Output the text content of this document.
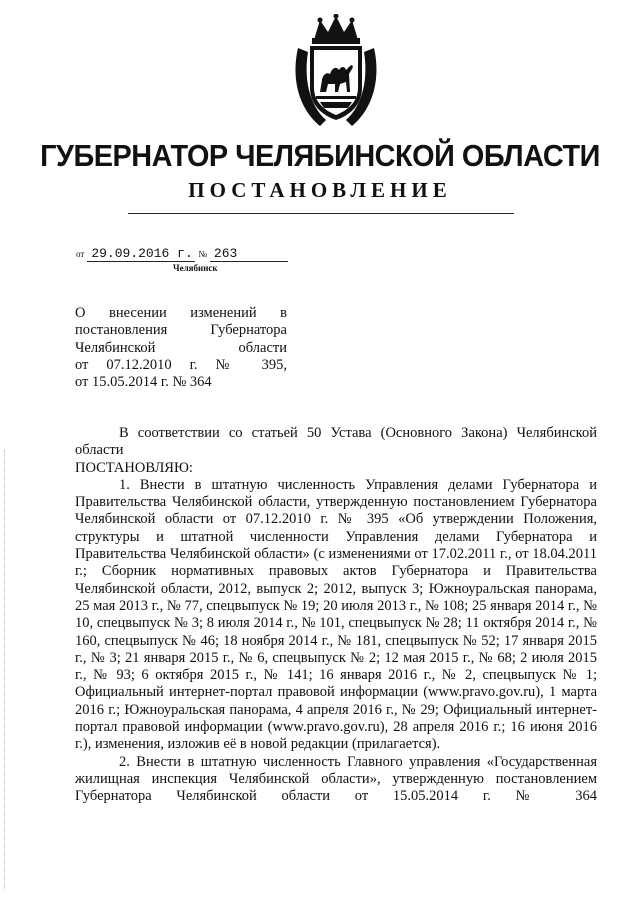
ГУБЕРНАТОР ЧЕЛЯБИНСКОЙ ОБЛАСТИ
ПОСТАНОВЛЕНИЕ
от 29.09.2016 г. № 263
Челябинск
О внесении изменений в
постановления Губернатора
Челябинской области
от 07.12.2010 г. № 395,
от 15.05.2014 г. № 364

В соответствии со статьей 50 Устава (Основного Закона) Челябинской

области

ПОСТАНОВЛЯЮ:

1. Внести в штатную численность Управления делами Губернатора и Правительства Челябинской области, утвержденную постановлением Губернатора Челябинской области от 07.12.2010 г. № 395 «Об утверждении Положения, структуры и штатной численности Управления делами Губернатора и Правительства Челябинской области» (с изменениями от 17.02.2011 г., от 18.04.2011 г.; Сборник нормативных правовых актов Губернатора и Правительства Челябинской области, 2012, выпуск 2; 2012, выпуск 3; Южноуральская панорама, 25 мая 2013 г., № 77, спецвыпуск № 19; 20 июля 2013 г., № 108; 25 января 2014 г., № 10, спецвыпуск № 3; 8 июля 2014 г., № 101, спецвыпуск № 28; 11 октября 2014 г., № 160, спецвыпуск № 46; 18 ноября 2014 г., № 181, спецвыпуск № 52; 17 января 2015 г., № 3; 21 января 2015 г., № 6, спецвыпуск № 2; 12 мая 2015 г., № 68; 2 июля 2015 г., № 93; 6 октября 2015 г., № 141; 16 января 2016 г., № 2, спецвыпуск № 1; Официальный интернет-портал правовой информации (www.pravo.gov.ru), 1 марта 2016 г.; Южноуральская панорама, 4 апреля 2016 г., № 29; Официальный интернет-портал правовой информации (www.pravo.gov.ru), 28 апреля 2016 г.; 16 июня 2016 г.), изменения, изложив её в новой редакции (прилагается).

2. Внести в штатную численность Главного управления «Государственная жилищная инспекция Челябинской области», утвержденную постановлением Губернатора Челябинской области от 15.05.2014 г. № 364
